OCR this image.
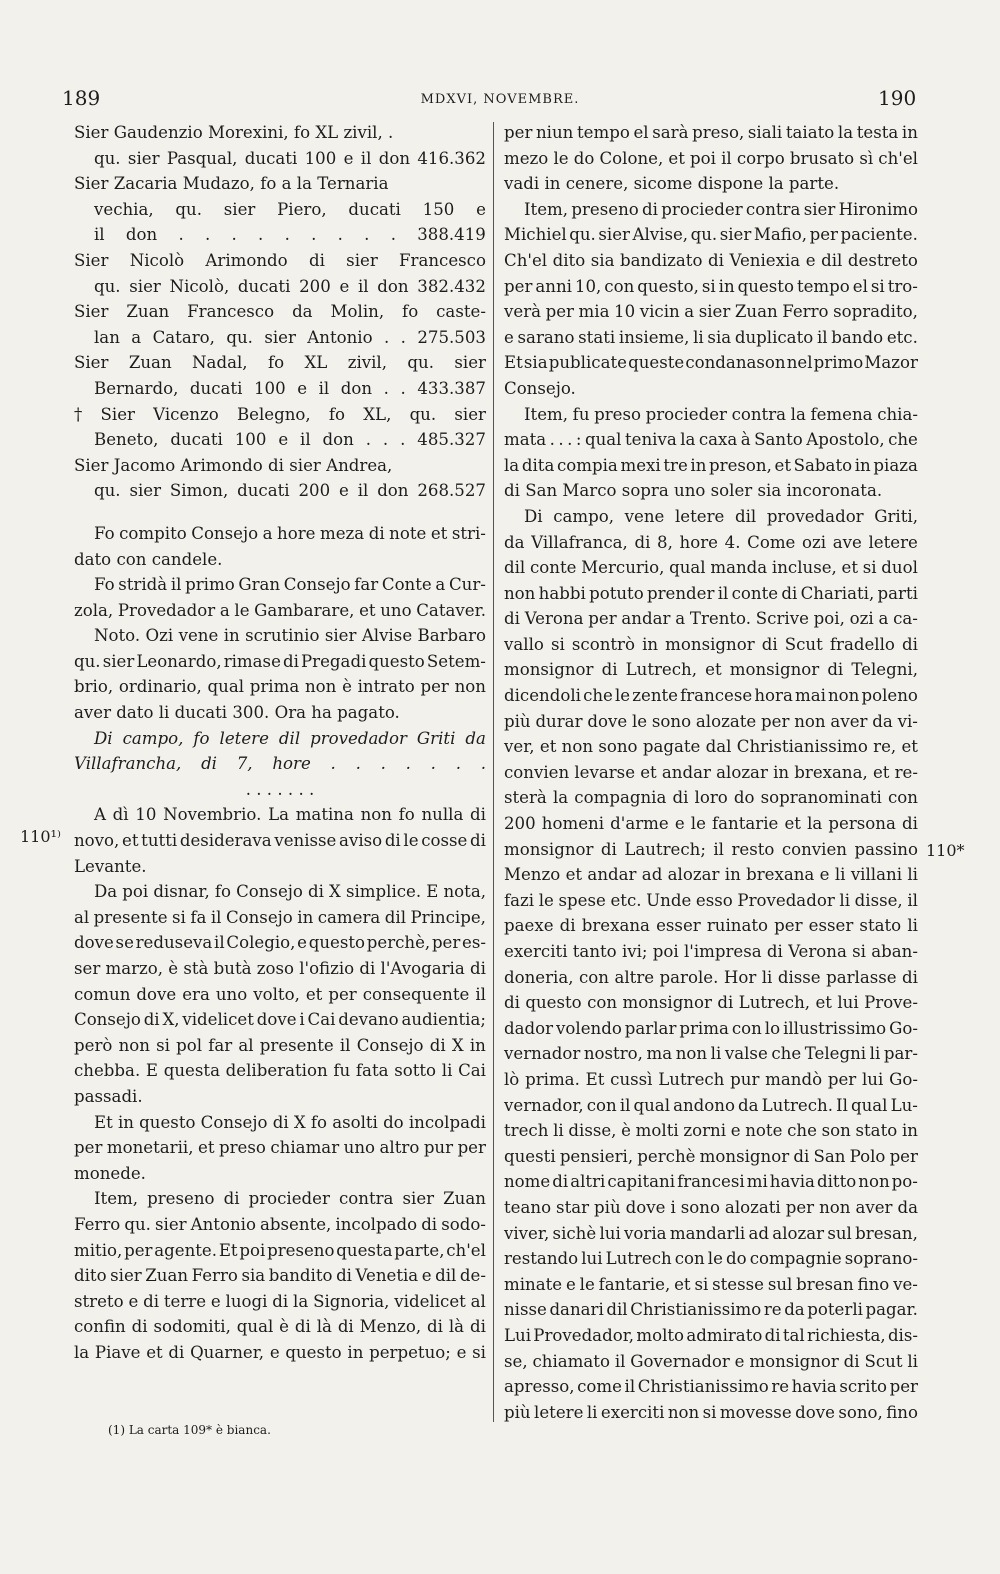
189	MDXVI, NOVEMBRE.	190
Sier Gaudenzio Morexini, fo XL zivil, .
qu. sier Pasqual, ducati 100 e il don 416.362
Sier Zacaria Mudazo, fo a la Ternaria
vechia, qu. sier Piero, ducati 150 e
il don . . . . . . . . . 388.419
Sier Nicolò Arimondo di sier Francesco
qu. sier Nicolò, ducati 200 e il don 382.432
Sier Zuan Francesco da Molin, fo caste-
lan a Cataro, qu. sier Antonio . . 275.503
Sier Zuan Nadal, fo XL zivil, qu. sier
Bernardo, ducati 100 e il don . . 433.387
† Sier Vicenzo Belegno, fo XL, qu. sier
Beneto, ducati 100 e il don . . . 485.327
Sier Jacomo Arimondo di sier Andrea,
qu. sier Simon, ducati 200 e il don 268.527
Fo compito Consejo a hore meza di note et stri-
dato con candele.
Fo stridà il primo Gran Consejo far Conte a Cur-
zola, Provedador a le Gambarare, et uno Cataver.
Noto. Ozi vene in scrutinio sier Alvise Barbaro
qu. sier Leonardo, rimase di Pregadi questo Setem-
brio, ordinario, qual prima non è intrato per non
aver dato li ducati 300. Ora ha pagato.
Di campo, fo letere dil provedador Griti da
Villafrancha, di 7, hore . . . . . . .
. . . . . . .
A dì 10 Novembrio. La matina non fo nulla di
novo, et tutti desiderava venisse aviso di le cosse di
Levante.
Da poi disnar, fo Consejo di X simplice. E nota,
al presente si fa il Consejo in camera dil Principe,
dove se reduseva il Colegio, e questo perchè, per es-
ser marzo, è stà butà zoso l'ofizio di l'Avogaria di
comun dove era uno volto, et per consequente il
Consejo di X, videlicet dove i Cai devano audientia;
però non si pol far al presente il Consejo di X in
chebba. E questa deliberation fu fata sotto li Cai
passadi.
Et in questo Consejo di X fo asolti do incolpadi
per monetarii, et preso chiamar uno altro pur per
monede.
Item, preseno di procieder contra sier Zuan
Ferro qu. sier Antonio absente, incolpado di sodo-
mitio, per agente. Et poi preseno questa parte, ch'el
dito sier Zuan Ferro sia bandito di Venetia e dil de-
streto e di terre e luogi di la Signoria, videlicet al
confin di sodomiti, qual è di là di Menzo, di là di
la Piave et di Quarner, e questo in perpetuo; e si
per niun tempo el sarà preso, siali taiato la testa in
mezo le do Colone, et poi il corpo brusato sì ch'el
vadi in cenere, sicome dispone la parte.
Item, preseno di procieder contra sier Hironimo
Michiel qu. sier Alvise, qu. sier Mafio, per paciente.
Ch'el dito sia bandizato di Veniexia e dil destreto
per anni 10, con questo, si in questo tempo el si tro-
verà per mia 10 vicin a sier Zuan Ferro sopradito,
e sarano stati insieme, li sia duplicato il bando etc.
Et sia publicate queste condanason nel primo Mazor
Consejo.
Item, fu preso procieder contra la femena chia-
mata . . . : qual teniva la caxa à Santo Apostolo, che
la dita compia mexi tre in preson, et Sabato in piaza
di San Marco sopra uno soler sia incoronata.
Di campo, vene letere dil provedador Griti,
da Villafranca, di 8, hore 4. Come ozi ave letere
dil conte Mercurio, qual manda incluse, et si duol
non habbi potuto prender il conte di Chariati, parti
di Verona per andar a Trento. Scrive poi, ozi a ca-
vallo si scontrò in monsignor di Scut fradello di
monsignor di Lutrech, et monsignor di Telegni,
dicendoli che le zente francese hora mai non poleno
più durar dove le sono alozate per non aver da vi-
ver, et non sono pagate dal Christianissimo re, et
convien levarse et andar alozar in brexana, et re-
sterà la compagnia di loro do sopranominati con
200 homeni d'arme e le fantarie et la persona di
monsignor di Lautrech; il resto convien passino
Menzo et andar ad alozar in brexana e li villani li
fazi le spese etc. Unde esso Provedador li disse, il
paexe di brexana esser ruinato per esser stato li
exerciti tanto ivi; poi l'impresa di Verona si aban-
doneria, con altre parole. Hor li disse parlasse di
di questo con monsignor di Lutrech, et lui Prove-
dador volendo parlar prima con lo illustrissimo Go-
vernador nostro, ma non li valse che Telegni li par-
lò prima. Et cussì Lutrech pur mandò per lui Go-
vernador, con il qual andono da Lutrech. Il qual Lu-
trech li disse, è molti zorni e note che son stato in
questi pensieri, perchè monsignor di San Polo per
nome di altri capitani francesi mi havia ditto non po-
teano star più dove i sono alozati per non aver da
viver, sichè lui voria mandarli ad alozar sul bresan,
restando lui Lutrech con le do compagnie soprano-
minate e le fantarie, et si stesse sul bresan fino ve-
nisse danari dil Christianissimo re da poterli pagar.
Lui Provedador, molto admirato di tal richiesta, dis-
se, chiamato il Governador e monsignor di Scut li
apresso, come il Christianissimo re havia scrito per
più letere li exerciti non si movesse dove sono, fino
110¹⁾
110*
(1) La carta 109* è bianca.
